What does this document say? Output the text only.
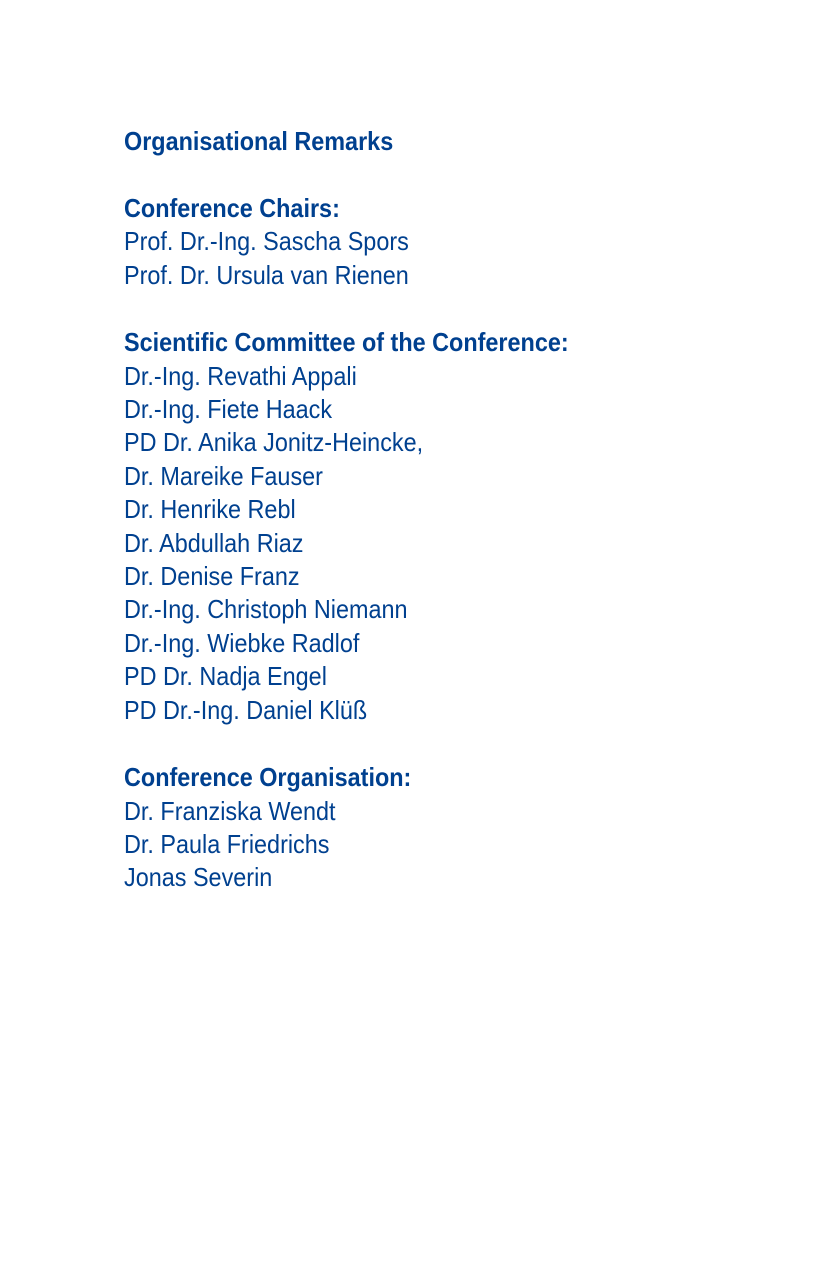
Organisational Remarks
Conference Chairs:
Prof. Dr.-Ing. Sascha Spors
Prof. Dr. Ursula van Rienen
Scientific Committee of the Conference:
Dr.-Ing. Revathi Appali
Dr.-Ing. Fiete Haack
PD Dr. Anika Jonitz-Heincke,
Dr. Mareike Fauser
Dr. Henrike Rebl
Dr. Abdullah Riaz
Dr. Denise Franz
Dr.-Ing. Christoph Niemann
Dr.-Ing. Wiebke Radlof
PD Dr. Nadja Engel
PD Dr.-Ing. Daniel Klüß
Conference Organisation:
Dr. Franziska Wendt
Dr. Paula Friedrichs
Jonas Severin
